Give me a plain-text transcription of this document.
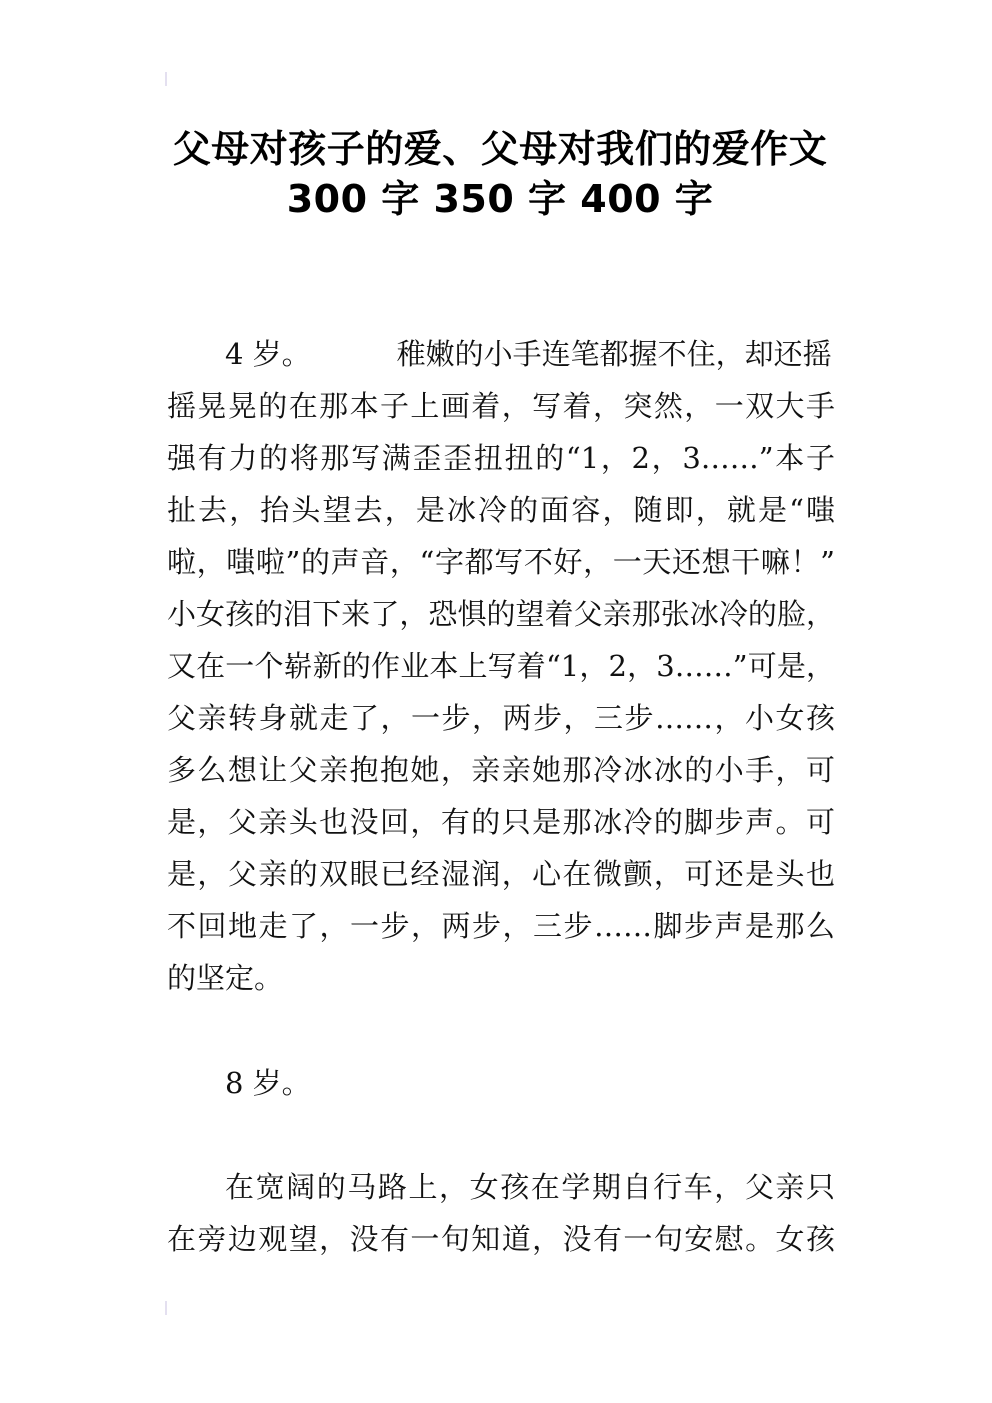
父母对孩子的爱、父母对我们的爱作文
300 字 350 字 400 字
4 岁。	稚嫩的小手连笔都握不住，却还摇
摇晃晃的在那本子上画着，写着，突然，一双大手
强有力的将那写满歪歪扭扭的“1，2，3……”本子
扯去，抬头望去，是冰冷的面容，随即，就是“嗤
啦，嗤啦”的声音，“字都写不好，一天还想干嘛！”
小女孩的泪下来了，恐惧的望着父亲那张冰冷的脸，
又在一个崭新的作业本上写着“1，2，3……”可是，
父亲转身就走了，一步，两步，三步……，小女孩
多么想让父亲抱抱她，亲亲她那冷冰冰的小手，可
是，父亲头也没回，有的只是那冰冷的脚步声。可
是，父亲的双眼已经湿润，心在微颤，可还是头也
不回地走了，一步，两步，三步……脚步声是那么
的坚定。
8 岁。
在宽阔的马路上，女孩在学期自行车，父亲只
在旁边观望，没有一句知道，没有一句安慰。女孩
